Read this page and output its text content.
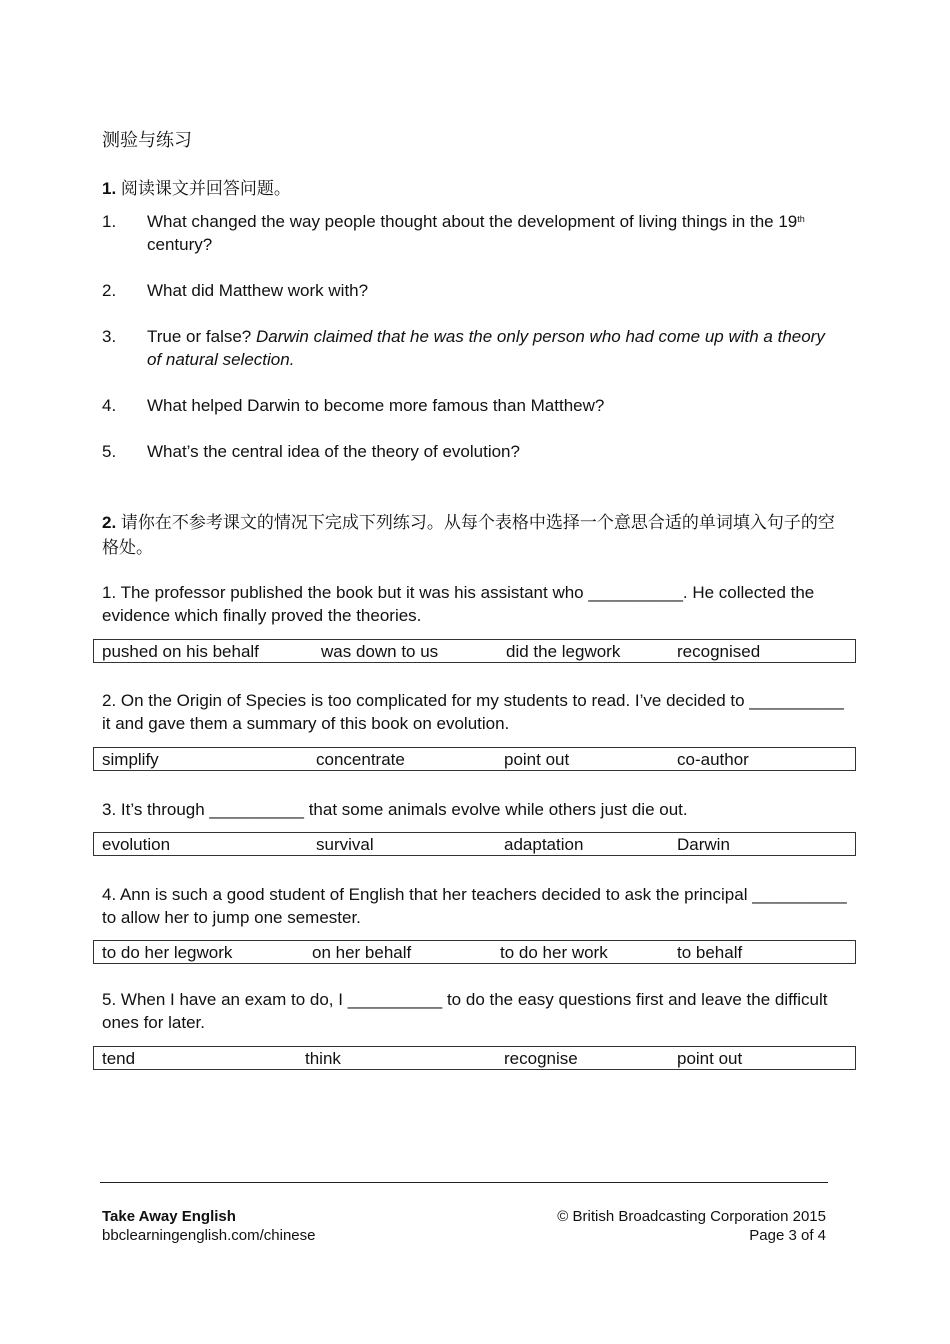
测验与练习
1. 阅读课文并回答问题。
1. What changed the way people thought about the development of living things in the 19th
century?
2. What did Matthew work with?
3. True or false? Darwin claimed that he was the only person who had come up with a theory of natural selection.
4. What helped Darwin to become more famous than Matthew?
5. What’s the central idea of the theory of evolution?
2. 请你在不参考课文的情况下完成下列练习。从每个表格中选择一个意思合适的单词填入句子的空格处。
1. The professor published the book but it was his assistant who __________. He collected the evidence which finally proved the theories.
pushed on his behalf	was down to us	did the legwork	recognised
2. On the Origin of Species is too complicated for my students to read. I’ve decided to __________ it and gave them a summary of this book on evolution.
simplify	concentrate	point out	co-author
3. It’s through __________ that some animals evolve while others just die out.
evolution	survival	adaptation	Darwin
4. Ann is such a good student of English that her teachers decided to ask the principal __________ to allow her to jump one semester.
to do her legwork	on her behalf	to do her work	to behalf
5. When I have an exam to do, I __________ to do the easy questions first and leave the difficult ones for later.
tend	think	recognise	point out
Take Away English
bbclearningenglish.com/chinese
© British Broadcasting Corporation 2015
Page 3 of 4
